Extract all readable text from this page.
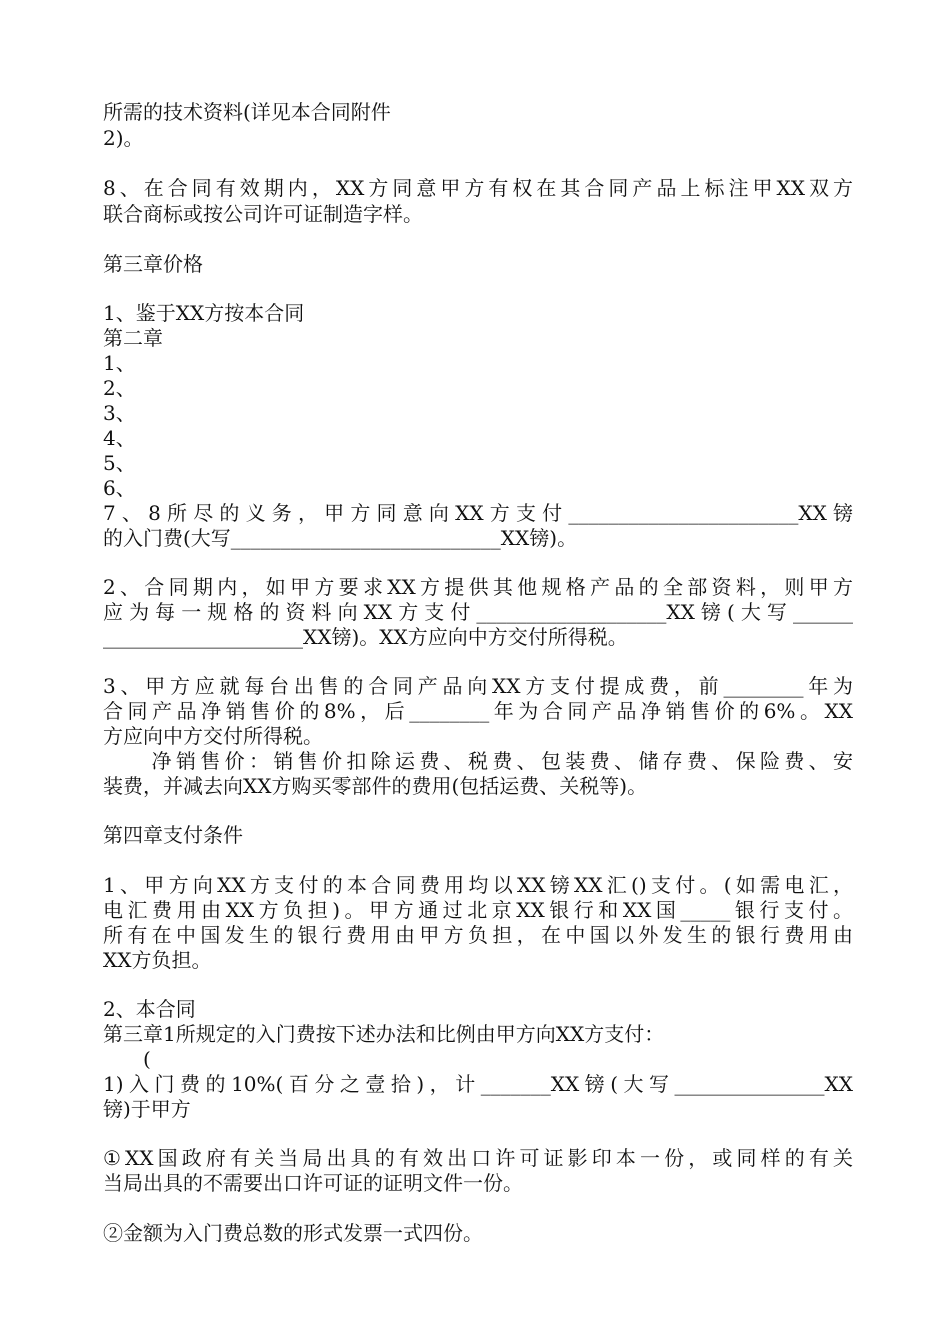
所需的技术资料(详见本合同附件
2)。
8、在合同有效期内，XX方同意甲方有权在其合同产品上标注甲XX双方
联合商标或按公司许可证制造字样。
第三章价格
1、鉴于XX方按本合同
第二章
1、
2、
3、
4、
5、
6、
7、8所尽的义务，甲方同意向XX方支付_______________________XX镑
的入门费(大写___________________________XX镑)。
2、合同期内，如甲方要求XX方提供其他规格产品的全部资料，则甲方
应为每一规格的资料向XX方支付___________________XX镑(大写______
____________________XX镑)。XX方应向中方交付所得税。
3、甲方应就每台出售的合同产品向XX方支付提成费，前________年为
合同产品净销售价的8%，后________年为合同产品净销售价的6%。XX
方应向中方交付所得税。
　　净销售价：销售价扣除运费、税费、包装费、储存费、保险费、安
装费，并减去向XX方购买零部件的费用(包括运费、关税等)。
第四章支付条件
1、甲方向XX方支付的本合同费用均以XX镑XX汇()支付。(如需电汇，
电汇费用由XX方负担)。甲方通过北京XX银行和XX国_____银行支付。
所有在中国发生的银行费用由甲方负担，在中国以外发生的银行费用由
XX方负担。
2、本合同
第三章1所规定的入门费按下述办法和比例由甲方向XX方支付：
　　(
1)入门费的10%(百分之壹拾)，计_______XX镑(大写_______________XX
镑)于甲方
①XX国政府有关当局出具的有效出口许可证影印本一份，或同样的有关
当局出具的不需要出口许可证的证明文件一份。
②金额为入门费总数的形式发票一式四份。
